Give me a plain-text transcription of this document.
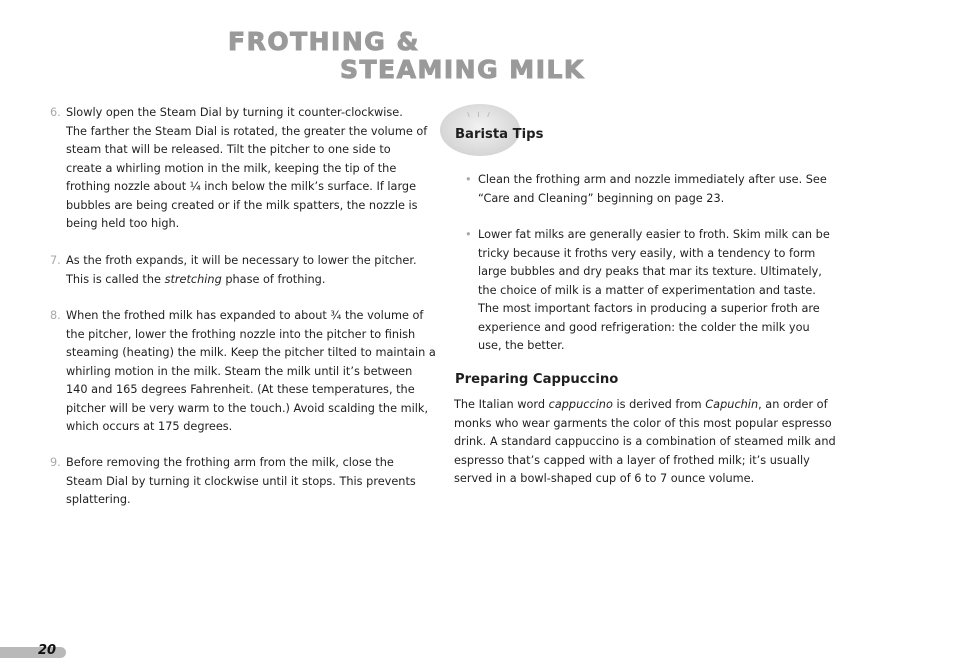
FROTHING &
STEAMING MILK
6. Slowly open the Steam Dial by turning it counter-clockwise.
The farther the Steam Dial is rotated, the greater the volume of
steam that will be released. Tilt the pitcher to one side to
create a whirling motion in the milk, keeping the tip of the
frothing nozzle about ¼ inch below the milk’s surface. If large
bubbles are being created or if the milk spatters, the nozzle is
being held too high.
7. As the froth expands, it will be necessary to lower the pitcher.
This is called the stretching phase of frothing.
8. When the frothed milk has expanded to about ¾ the volume of
the pitcher, lower the frothing nozzle into the pitcher to finish
steaming (heating) the milk. Keep the pitcher tilted to maintain a
whirling motion in the milk. Steam the milk until it’s between
140 and 165 degrees Fahrenheit. (At these temperatures, the
pitcher will be very warm to the touch.) Avoid scalding the milk,
which occurs at 175 degrees.
9. Before removing the frothing arm from the milk, close the
Steam Dial by turning it clockwise until it stops. This prevents
splattering.
Barista Tips
• Clean the frothing arm and nozzle immediately after use. See
“Care and Cleaning” beginning on page 23.
• Lower fat milks are generally easier to froth. Skim milk can be
tricky because it froths very easily, with a tendency to form
large bubbles and dry peaks that mar its texture. Ultimately,
the choice of milk is a matter of experimentation and taste.
The most important factors in producing a superior froth are
experience and good refrigeration: the colder the milk you
use, the better.
Preparing Cappuccino
The Italian word cappuccino is derived from Capuchin, an order of
monks who wear garments the color of this most popular espresso
drink. A standard cappuccino is a combination of steamed milk and
espresso that’s capped with a layer of frothed milk; it’s usually
served in a bowl-shaped cup of 6 to 7 ounce volume.
20
